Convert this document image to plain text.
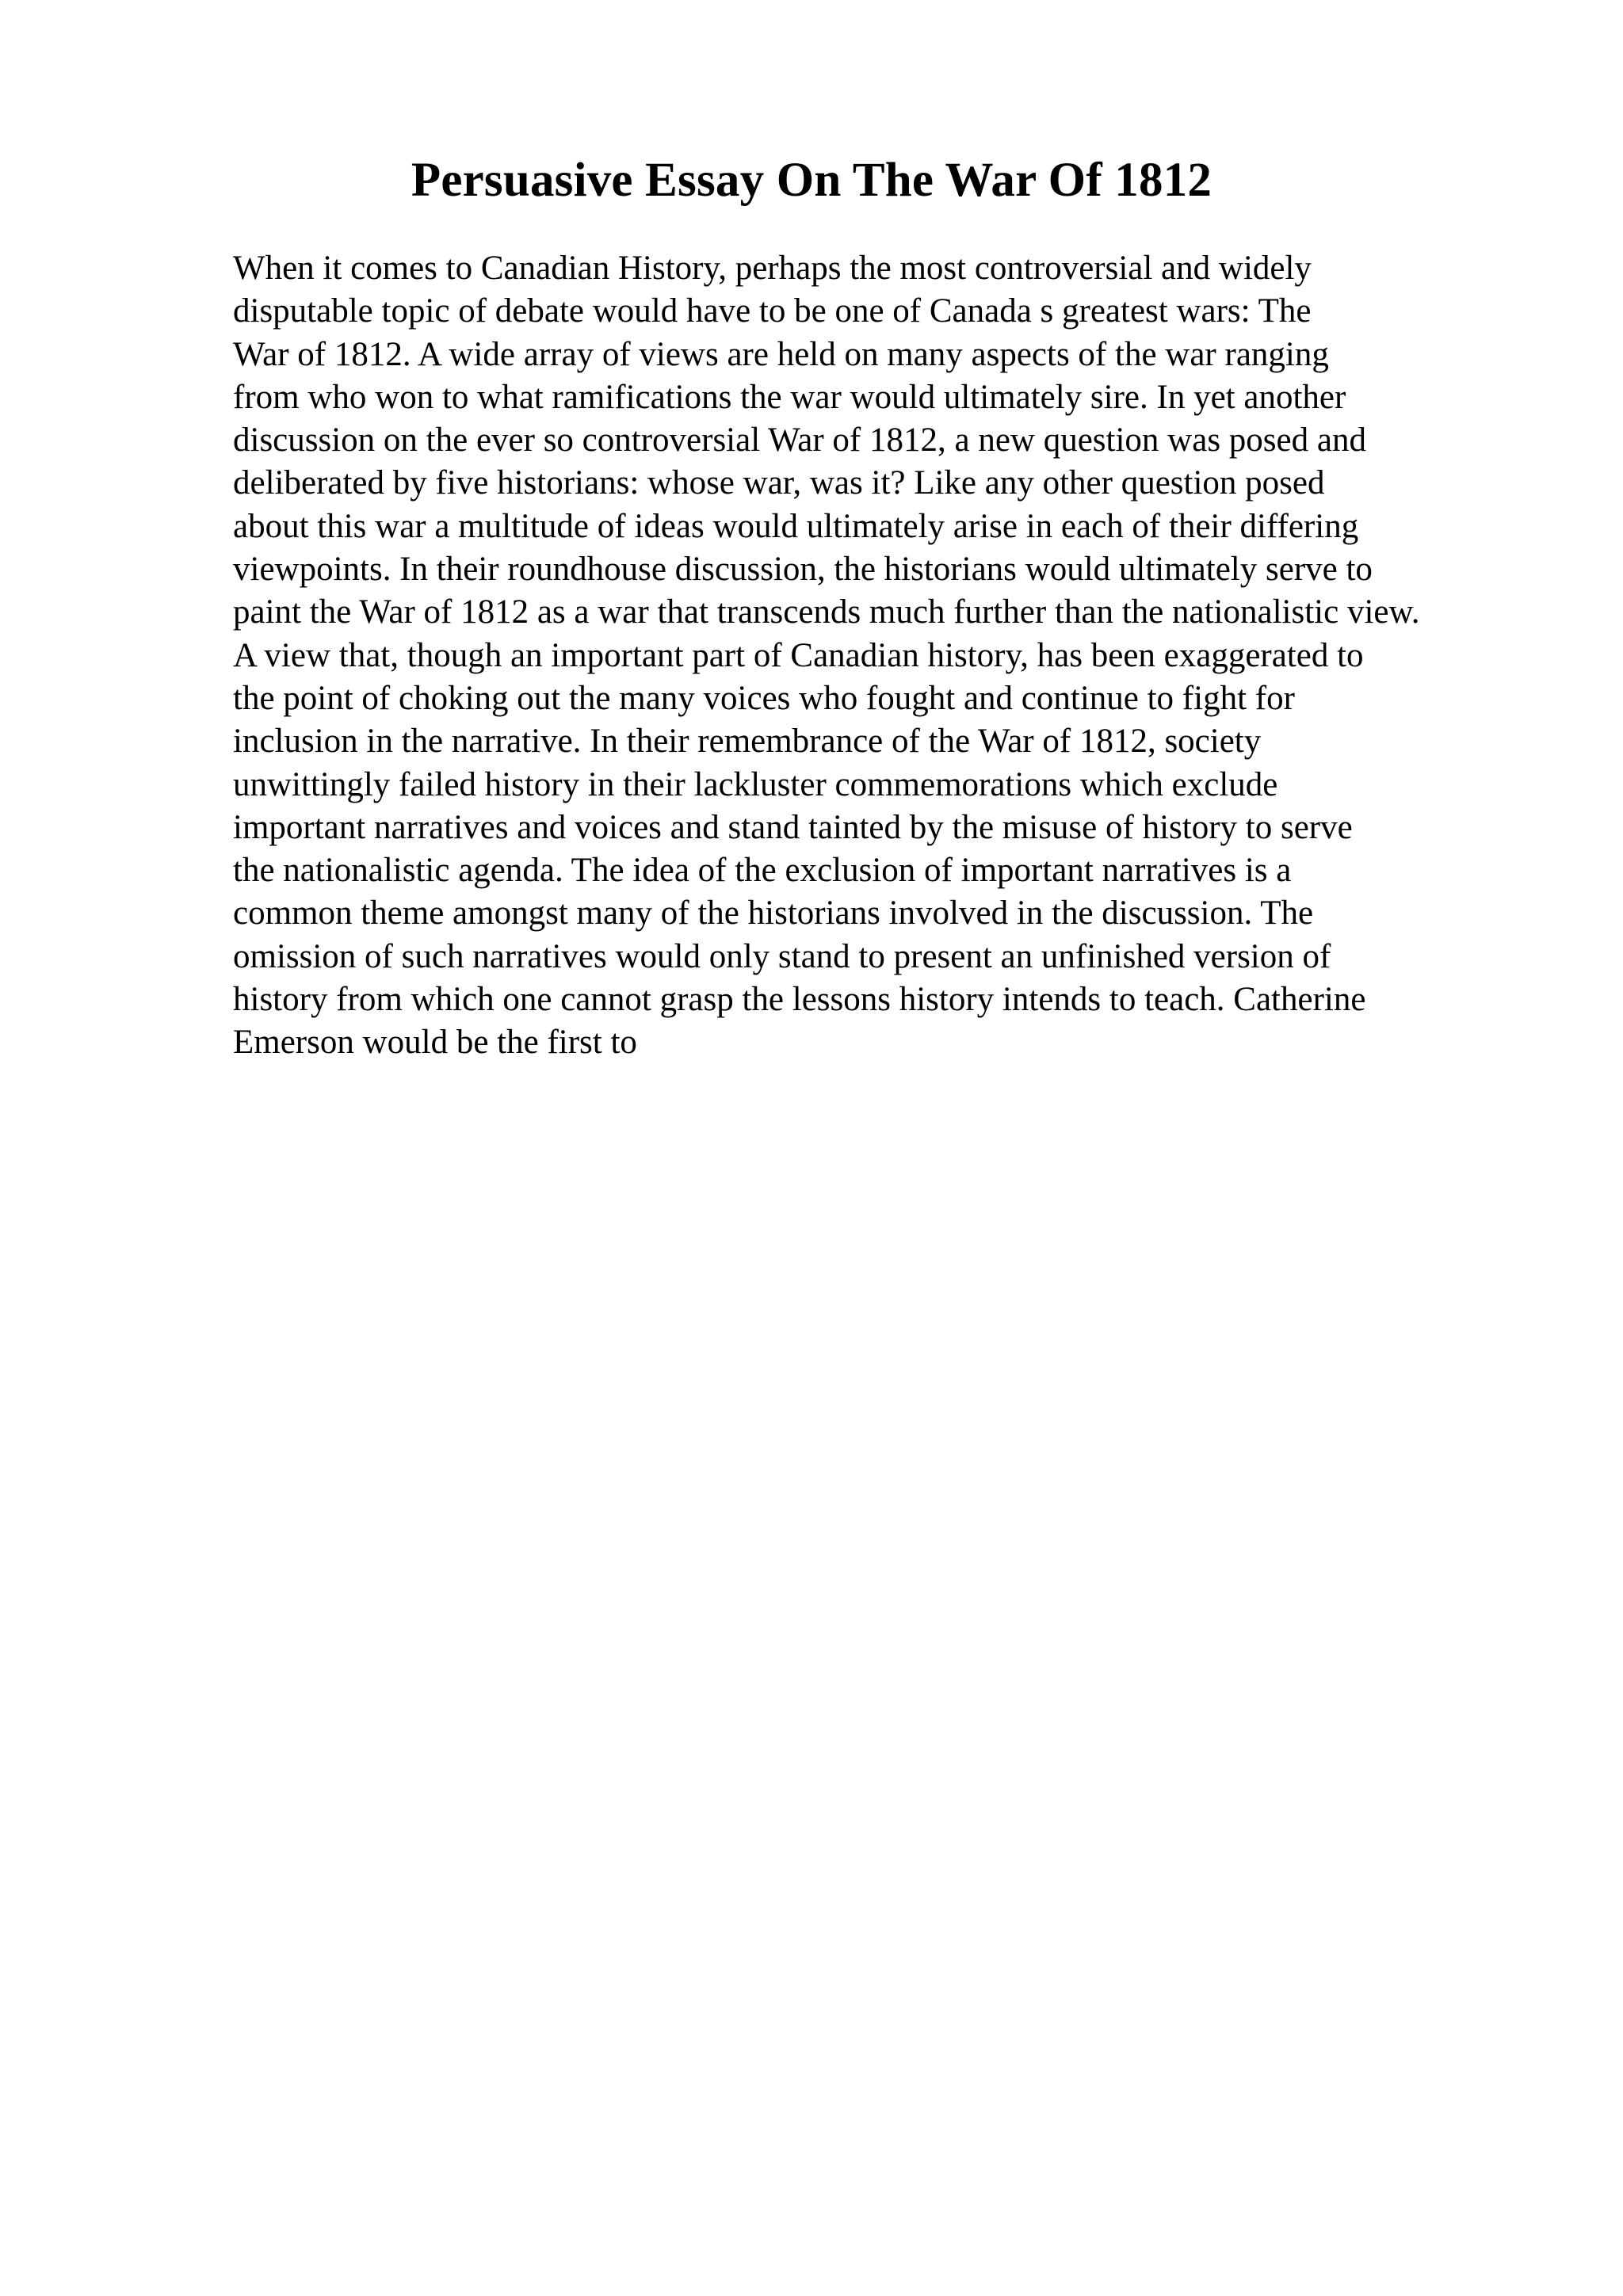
Persuasive Essay On The War Of 1812
When it comes to Canadian History, perhaps the most controversial and widely
disputable topic of debate would have to be one of Canada s greatest wars: The
War of 1812. A wide array of views are held on many aspects of the war ranging
from who won to what ramifications the war would ultimately sire. In yet another
discussion on the ever so controversial War of 1812, a new question was posed and
deliberated by five historians: whose war, was it? Like any other question posed
about this war a multitude of ideas would ultimately arise in each of their differing
viewpoints. In their roundhouse discussion, the historians would ultimately serve to
paint the War of 1812 as a war that transcends much further than the nationalistic view.
A view that, though an important part of Canadian history, has been exaggerated to
the point of choking out the many voices who fought and continue to fight for
inclusion in the narrative. In their remembrance of the War of 1812, society
unwittingly failed history in their lackluster commemorations which exclude
important narratives and voices and stand tainted by the misuse of history to serve
the nationalistic agenda. The idea of the exclusion of important narratives is a
common theme amongst many of the historians involved in the discussion. The
omission of such narratives would only stand to present an unfinished version of
history from which one cannot grasp the lessons history intends to teach. Catherine
Emerson would be the first to
